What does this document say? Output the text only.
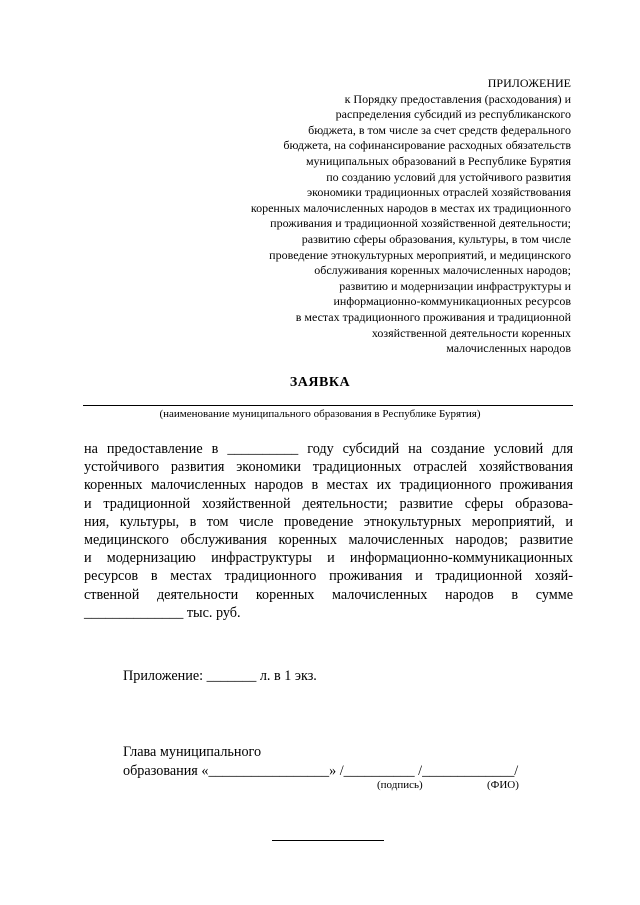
ПРИЛОЖЕНИЕ
к Порядку предоставления (расходования) и
распределения субсидий из республиканского
бюджета, в том числе за счет средств федерального
бюджета, на софинансирование расходных обязательств
муниципальных образований в Республике Бурятия
по созданию условий для устойчивого развития
экономики традиционных отраслей хозяйствования
коренных малочисленных народов в местах их традиционного
проживания и традиционной хозяйственной деятельности;
развитию сферы образования, культуры, в том числе
проведение этнокультурных мероприятий, и медицинского
обслуживания коренных малочисленных народов;
развитию и модернизации инфраструктуры и
информационно-коммуникационных ресурсов
в местах традиционного проживания и традиционной
хозяйственной деятельности коренных
малочисленных народов
ЗАЯВКА
(наименование муниципального образования в Республике Бурятия)
на предоставление в __________ году субсидий на создание условий для
устойчивого развития экономики традиционных отраслей хозяйствования
коренных малочисленных народов в местах их традиционного проживания
и традиционной хозяйственной деятельности; развитие сферы образова-
ния, культуры, в том числе проведение этнокультурных мероприятий, и
медицинского обслуживания коренных малочисленных народов; развитие
и модернизацию инфраструктуры и информационно-коммуникационных
ресурсов в местах традиционного проживания и традиционной хозяй-
ственной деятельности коренных малочисленных народов в сумме
______________ тыс. руб.
Приложение: _______ л. в 1 экз.
Глава муниципального
образования «_________________» /__________ /_____________/
(подпись)	(ФИО)
